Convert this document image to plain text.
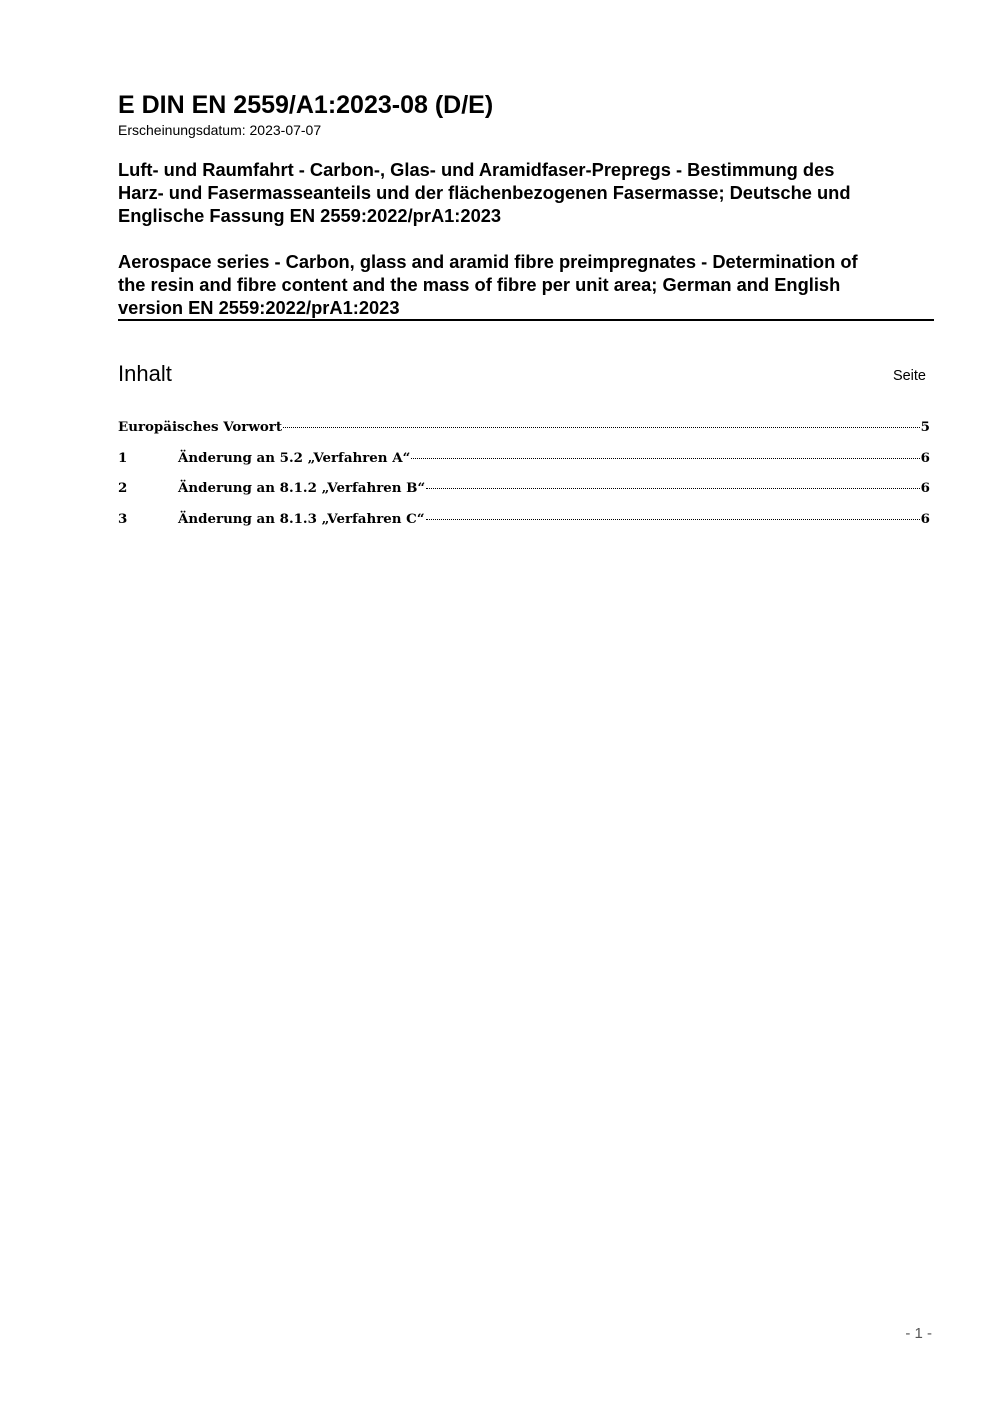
E DIN EN 2559/A1:2023-08 (D/E)
Erscheinungsdatum: 2023-07-07
Luft- und Raumfahrt - Carbon-, Glas- und Aramidfaser-Prepregs - Bestimmung des
Harz- und Fasermasseanteils und der flächenbezogenen Fasermasse; Deutsche und
Englische Fassung EN 2559:2022/prA1:2023
Aerospace series - Carbon, glass and aramid fibre preimpregnates - Determination of
the resin and fibre content and the mass of fibre per unit area; German and English
version EN 2559:2022/prA1:2023
Inhalt	Seite
Europäisches Vorwort	5
1	Änderung an 5.2 „Verfahren A“	6
2	Änderung an 8.1.2 „Verfahren B“	6
3	Änderung an 8.1.3 „Verfahren C“	6
- 1 -
